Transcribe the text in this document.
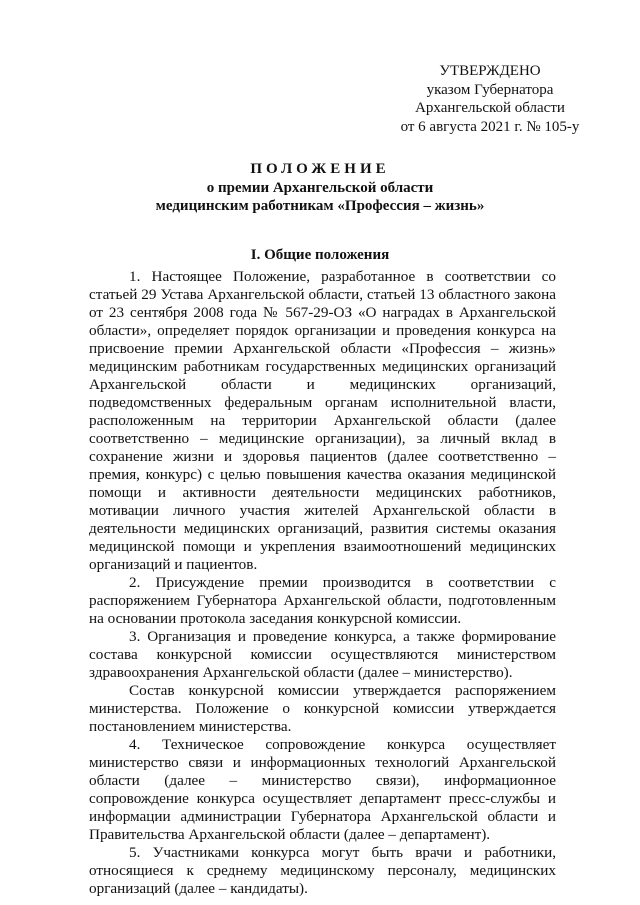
УТВЕРЖДЕНО
указом Губернатора
Архангельской области
от 6 августа 2021 г. № 105-у
ПОЛОЖЕНИЕ
о премии Архангельской области
медицинским работникам «Профессия – жизнь»
I. Общие положения

1. Настоящее Положение, разработанное в соответствии со статьей 29 Устава Архангельской области, статьей 13 областного закона от 23 сентября 2008 года № 567-29-ОЗ «О наградах в Архангельской области», определяет порядок организации и проведения конкурса на присвоение премии Архангельской области «Профессия – жизнь» медицинским работникам государственных медицинских организаций Архангельской области и медицинских организаций, подведомственных федеральным органам исполнительной власти, расположенным на территории Архангельской области (далее соответственно – медицинские организации), за личный вклад в сохранение жизни и здоровья пациентов (далее соответственно – премия, конкурс) с целью повышения качества оказания медицинской помощи и активности деятельности медицинских работников, мотивации личного участия жителей Архангельской области в деятельности медицинских организаций, развития системы оказания медицинской помощи и укрепления взаимоотношений медицинских организаций и пациентов.

2. Присуждение премии производится в соответствии с распоряжением Губернатора Архангельской области, подготовленным на основании протокола заседания конкурсной комиссии.

3. Организация и проведение конкурса, а также формирование состава конкурсной комиссии осуществляются министерством здравоохранения Архангельской области (далее – министерство).

Состав конкурсной комиссии утверждается распоряжением министерства. Положение о конкурсной комиссии утверждается постановлением министерства.

4. Техническое сопровождение конкурса осуществляет министерство связи и информационных технологий Архангельской области (далее – министерство связи), информационное сопровождение конкурса осуществляет департамент пресс-службы и информации администрации Губернатора Архангельской области и Правительства Архангельской области (далее – департамент).

5. Участниками конкурса могут быть врачи и работники, относящиеся к среднему медицинскому персоналу, медицинских организаций (далее – кандидаты).
